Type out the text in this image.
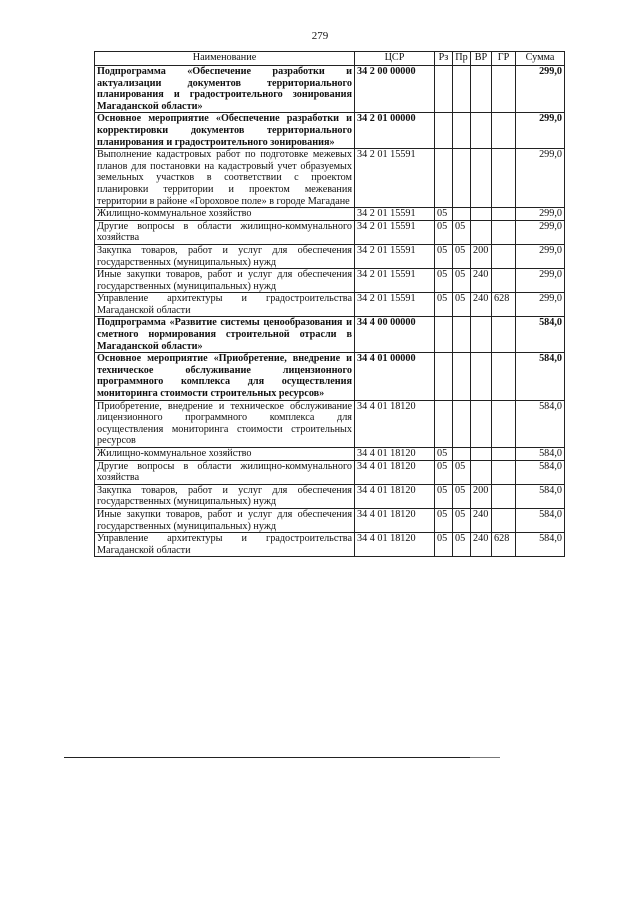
279
Наименование	ЦСР	Рз	Пр	ВР	ГР	Сумма
Подпрограмма «Обеспечение разработки и актуализации документов территориального планирования и градостроительного зонирования Магаданской области»	34 2 00 00000					299,0
Основное мероприятие «Обеспечение разработки и корректировки документов территориального планирования и градостроительного зонирования»	34 2 01 00000					299,0
Выполнение кадастровых работ по подготовке межевых планов для постановки на кадастровый учет образуемых земельных участков в соответствии с проектом планировки территории и проектом межевания территории в районе «Гороховое поле» в городе Магадане	34 2 01 15591					299,0
Жилищно-коммунальное хозяйство	34 2 01 15591	05				299,0
Другие вопросы в области жилищно-коммунального хозяйства	34 2 01 15591	05	05			299,0
Закупка товаров, работ и услуг для обеспечения государственных (муниципальных) нужд	34 2 01 15591	05	05	200		299,0
Иные закупки товаров, работ и услуг для обеспечения государственных (муниципальных) нужд	34 2 01 15591	05	05	240		299,0
Управление архитектуры и градостроительства Магаданской области	34 2 01 15591	05	05	240	628	299,0
Подпрограмма «Развитие системы ценообразования и сметного нормирования строительной отрасли в Магаданской области»	34 4 00 00000					584,0
Основное мероприятие «Приобретение, внедрение и техническое обслуживание лицензионного программного комплекса для осуществления мониторинга стоимости строительных ресурсов»	34 4 01 00000					584,0
Приобретение, внедрение и техническое обслуживание лицензионного программного комплекса для осуществления мониторинга стоимости строительных ресурсов	34 4 01 18120					584,0
Жилищно-коммунальное хозяйство	34 4 01 18120	05				584,0
Другие вопросы в области жилищно-коммунального хозяйства	34 4 01 18120	05	05			584,0
Закупка товаров, работ и услуг для обеспечения государственных (муниципальных) нужд	34 4 01 18120	05	05	200		584,0
Иные закупки товаров, работ и услуг для обеспечения государственных (муниципальных) нужд	34 4 01 18120	05	05	240		584,0
Управление архитектуры и градостроительства Магаданской области	34 4 01 18120	05	05	240	628	584,0
